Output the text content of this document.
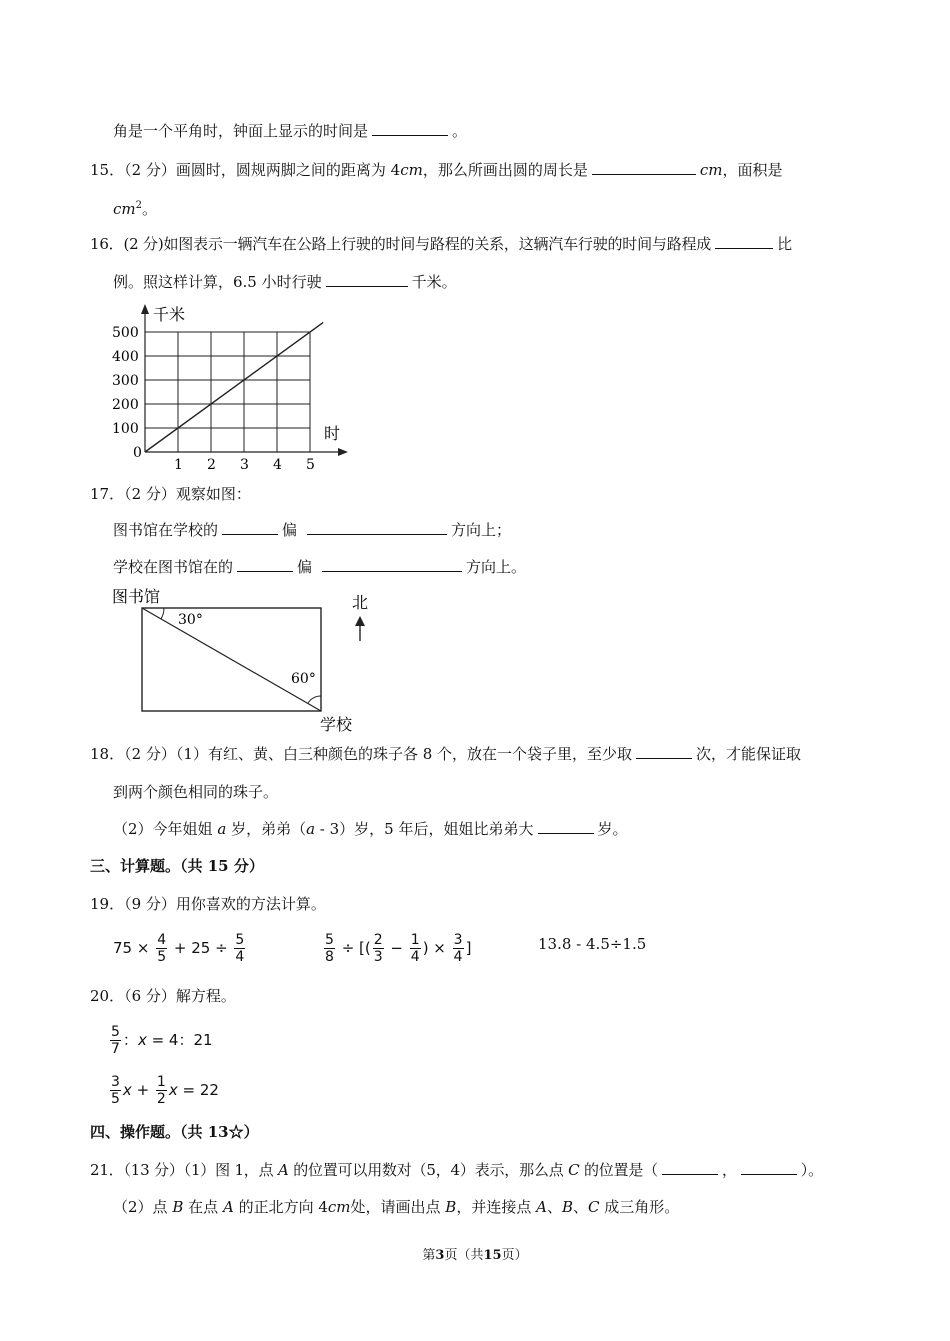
角是一个平角时，钟面上显示的时间是	。
15．（2 分）画圆时，圆规两脚之间的距离为 4cm，那么所画出圆的周长是	cm，面积是
$cm^2$。
16．(2 分)如图表示一辆汽车在公路上行驶的时间与路程的关系，这辆汽车行驶的时间与路程成	比
例。照这样计算，6.5 小时行驶	千米。
1 2 3 4 5
500
400
300
200
100
0
千米
时
17．（2 分）观察如图：
图书馆在学校的	偏	方向上；
学校在图书馆在的	偏	方向上。
图书馆
30°
60°
学校
北
18．（2 分）（1）有红、黄、白三种颜色的珠子各 8 个，放在一个袋子里，至少取	次，才能保证取
到两个颜色相同的珠子。
（2）今年姐姐 a 岁，弟弟（a ‑ 3）岁，5 年后，姐姐比弟弟大	岁。
三、计算题。（共 15 分）
19．（9 分）用你喜欢的方法计算。
$75 \times \frac{4}{5} + 25 \div \frac{5}{4}$	$\frac{5}{8}$ ÷ [( $\frac{2}{3} - \frac{1}{4}$ ) × $\frac{3}{4}$ ]	13.8 ‑ 4.5÷1.5
20．（6 分）解方程。
$\frac{5}{7}$ ：x = 4：21
$\frac{3}{5}$ $x + \frac{1}{2}$ x = 22
四、操作题。（共 13☆）
21．（13 分）（1）图 1，点 A 的位置可以用数对（5，4）表示，那么点 C 的位置是（	，	）。
（2）点 B 在点 A 的正北方向 4cm处，请画出点 B，并连接点 A、B、C 成三角形。
第3页（共15页）
